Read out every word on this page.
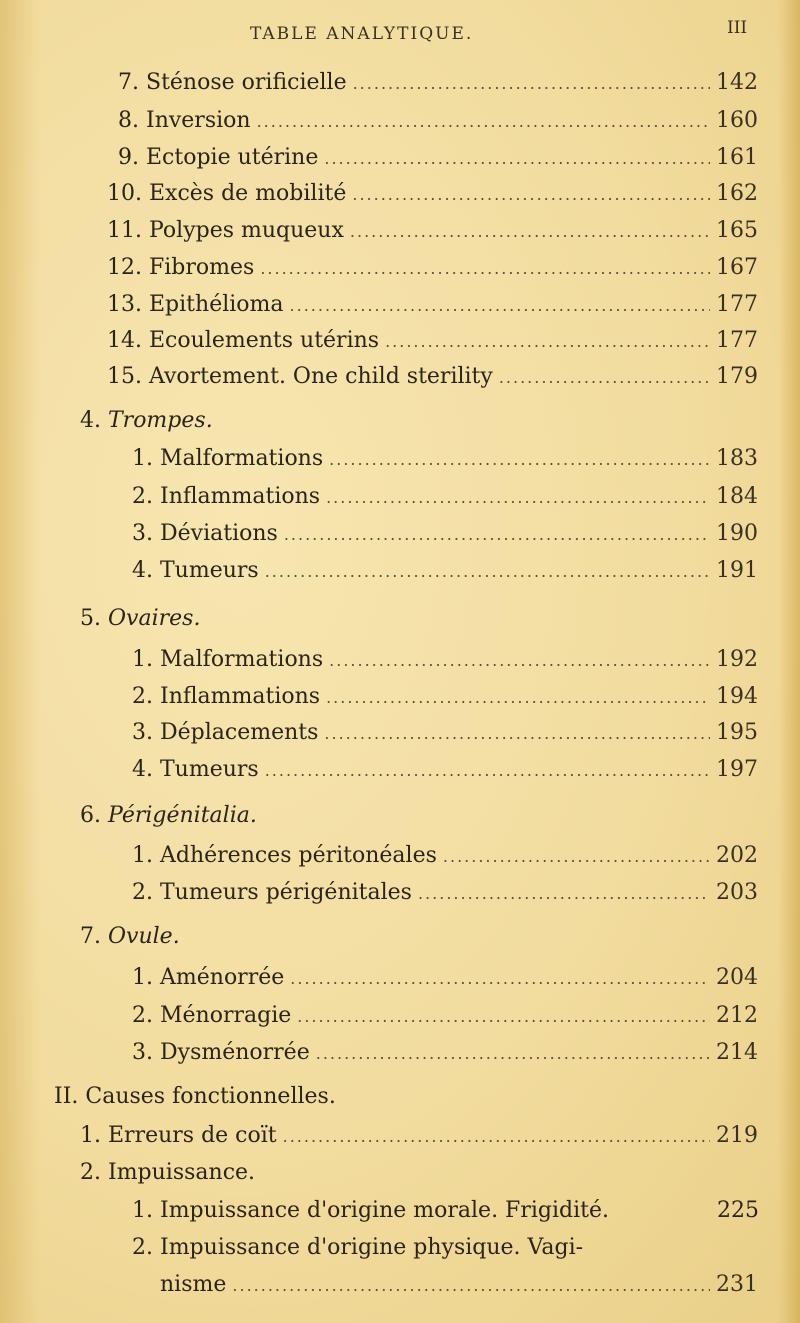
TABLE ANALYTIQUE.	III
7.
Sténose orificielle .....	142
8.
Inversion .....	160
9.
Ectopie utérine .....	161
10.
Excès de mobilité .....	162
11.
Polypes muqueux .....	165
12.
Fibromes .....	167
13.
Epithélioma .....	177
14.
Ecoulements utérins .....	177
15.
Avortement. One child sterility .....	179
4. Trompes.
1.
Malformations .....	183
2.
Inflammations .....	184
3.
Déviations .....	190
4.
Tumeurs .....	191
5. Ovaires.
1.
Malformations .....	192
2.
Inflammations .....	194
3.
Déplacements .....	195
4.
Tumeurs .....	197
6. Périgénitalia.
1.
Adhérences péritonéales .....	202
2.
Tumeurs périgénitales .....	203
7. Ovule.
1.
Aménorrée .....	204
2.
Ménorragie .....	212
3.
Dysménorrée .....	214
II. Causes fonctionnelles.
1.
Erreurs de coït .....	219
2. Impuissance.
1. Impuissance d'origine morale. Frigidité.	225
2. Impuissance d'origine physique. Vagi-
nisme .....	231
